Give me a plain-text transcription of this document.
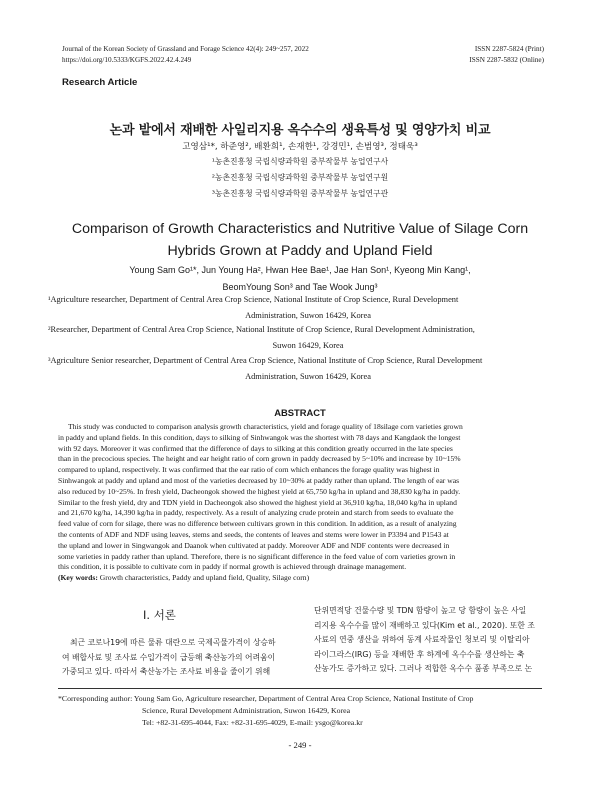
Journal of the Korean Society of Grassland and Forage Science 42(4): 249~257, 2022
https://doi.org/10.5333/KGFS.2022.42.4.249
ISSN 2287-5824 (Print)
ISSN 2287-5832 (Online)
Research Article
논과 밭에서 재배한 사일리지용 옥수수의 생육특성 및 영양가치 비교
고영삼¹*, 하준영², 배환희¹, 손재한¹, 강경민¹, 손범영³, 정태욱³
¹농촌진흥청 국립식량과학원 중부작물부 농업연구사
²농촌진흥청 국립식량과학원 중부작물부 농업연구원
³농촌진흥청 국립식량과학원 중부작물부 농업연구관
Comparison of Growth Characteristics and Nutritive Value of Silage Corn
Hybrids Grown at Paddy and Upland Field
Young Sam Go¹*, Jun Young Ha², Hwan Hee Bae¹, Jae Han Son¹, Kyeong Min Kang¹,
BeomYoung Son³ and Tae Wook Jung³
¹Agriculture researcher, Department of Central Area Crop Science, National Institute of Crop Science, Rural Development
Administration, Suwon 16429, Korea
²Researcher, Department of Central Area Crop Science, National Institute of Crop Science, Rural Development Administration,
Suwon 16429, Korea
³Agriculture Senior researcher, Department of Central Area Crop Science, National Institute of Crop Science, Rural Development
Administration, Suwon 16429, Korea
ABSTRACT
This study was conducted to comparison analysis growth characteristics, yield and forage quality of 18silage corn varieties grown
in paddy and upland fields. In this condition, days to silking of Sinhwangok was the shortest with 78 days and Kangdaok the longest
with 92 days. Moreover it was confirmed that the difference of days to silking at this condition greatly occurred in the late species
than in the precocious species. The height and ear height ratio of corn grown in paddy decreased by 5~10% and increase by 10~15%
compared to upland, respectively. It was confirmed that the ear ratio of corn which enhances the forage quality was highest in
Sinhwangok at paddy and upland and most of the varieties decreased by 10~30% at paddy rather than upland. The length of ear was
also reduced by 10~25%. In fresh yield, Dacheongok showed the highest yield at 65,750 kg/ha in upland and 38,830 kg/ha in paddy.
Similar to the fresh yield, dry and TDN yield in Dacheongok also showed the highest yield at 36,910 kg/ha, 18,040 kg/ha in upland
and 21,670 kg/ha, 14,390 kg/ha in paddy, respectively. As a result of analyzing crude protein and starch from seeds to evaluate the
feed value of corn for silage, there was no difference between cultivars grown in this condition. In addition, as a result of analyzing
the contents of ADF and NDF using leaves, stems and seeds, the contents of leaves and stems were lower in P3394 and P1543 at
the upland and lower in Singwangok and Daanok when cultivated at paddy. Moreover ADF and NDF contents were decreased in
some varieties in paddy rather than upland. Therefore, there is no significant difference in the feed value of corn varieties grown in
this condition, it is possible to cultivate corn in paddy if normal growth is achieved through drainage management.
(Key words: Growth characteristics, Paddy and upland field, Quality, Silage corn)
Ⅰ. 서론
최근 코로나19에 따른 물류 대란으로 국제곡물가격이 상승하
여 배합사료 및 조사료 수입가격이 급등해 축산농가의 어려움이
가중되고 있다. 따라서 축산농가는 조사료 비용을 줄이기 위해
단위면적당 건물수량 및 TDN 함량이 높고 당 함량이 높은 사일
리지용 옥수수를 많이 재배하고 있다(Kim et al., 2020). 또한 조
사료의 연중 생산을 위하여 동계 사료작물인 청보리 및 이탈리아
라이그라스(IRG) 등을 재배한 후 하계에 옥수수를 생산하는 축
산농가도 증가하고 있다. 그러나 적합한 옥수수 품종 부족으로 논
*Corresponding author: Young Sam Go, Agriculture researcher, Department of Central Area Crop Science, National Institute of Crop
Science, Rural Development Administration, Suwon 16429, Korea
Tel: +82-31-695-4044, Fax: +82-31-695-4029, E-mail: ysgo@korea.kr
- 249 -
